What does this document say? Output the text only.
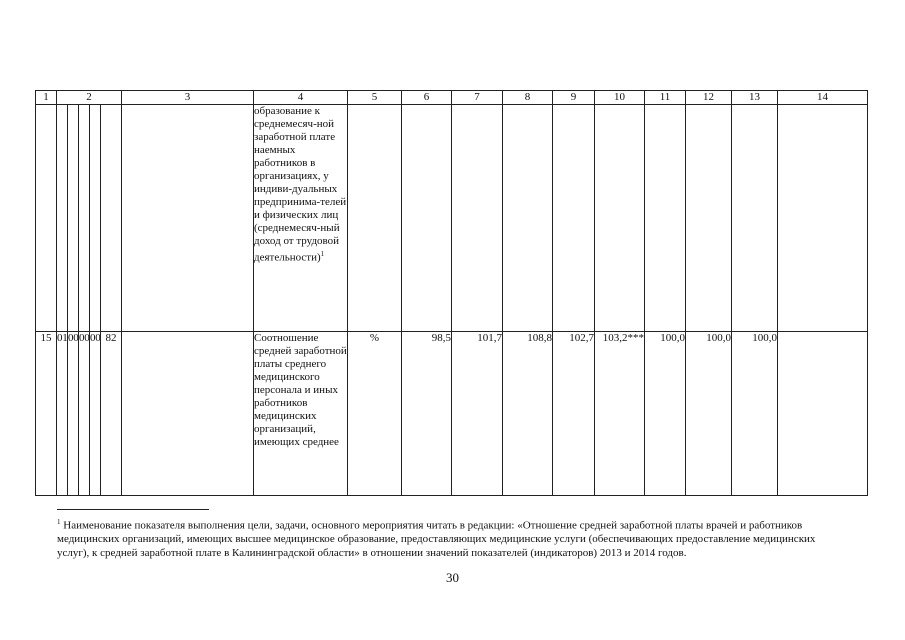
1	2					3	4	5	6	7	8	9	10	11	12	13	14
							образование к среднемесяч-ной заработной плате наемных работников в организациях, у индиви-дуальных предпринима-телей и физических лиц (среднемесяч-ный доход от трудовой деятельности)$^1$										
15	01	00	00	00	82		Соотношение средней заработной платы среднего медицинского персонала и иных работников медицинских организаций, имеющих среднее	%	98,5	101,7	108,8	102,7	103,2***	100,0	100,0	100,0	
$^1$ Наименование показателя выполнения цели, задачи, основного мероприятия читать в редакции: «Отношение средней заработной платы врачей и работников медицинских организаций, имеющих высшее медицинское образование, предоставляющих медицинские услуги (обеспечивающих предоставление медицинских услуг), к средней заработной плате в Калининградской области» в отношении значений показателей (индикаторов) 2013 и 2014 годов.
30
